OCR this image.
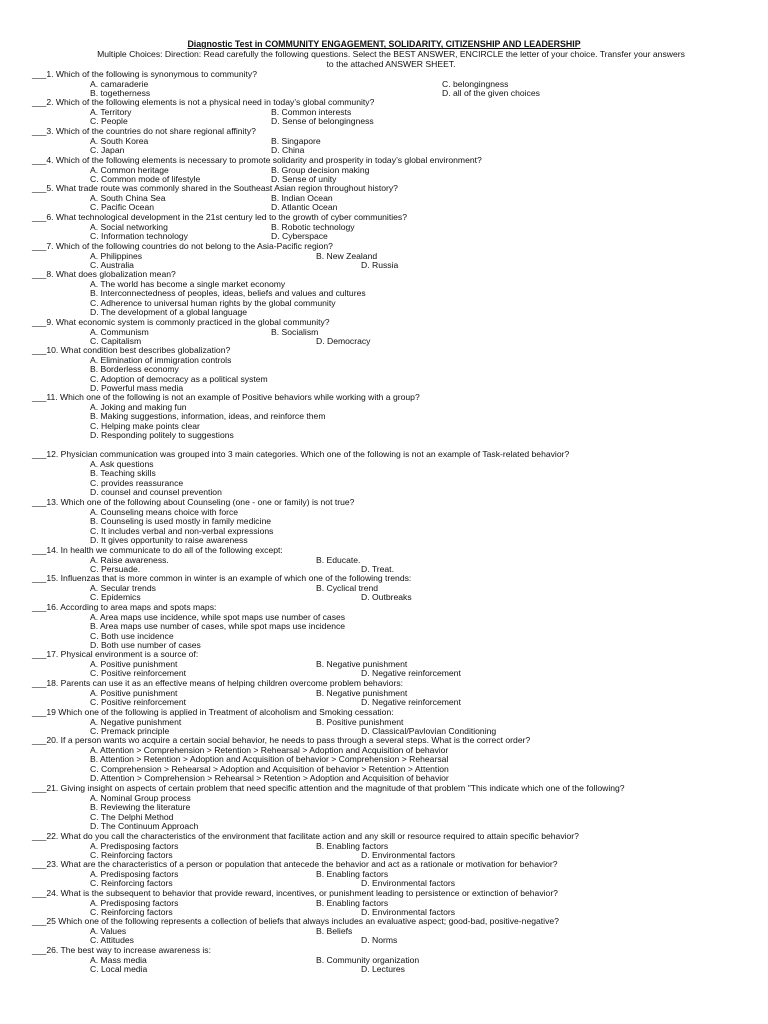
Diagnostic Test in COMMUNITY ENGAGEMENT, SOLIDARITY, CITIZENSHIP AND LEADERSHIP
Multiple Choices: Direction: Read carefully the following questions. Select the BEST ANSWER, ENCIRCLE the letter of your choice. Transfer your answers
to the attached ANSWER SHEET.
___1. Which of the following is synonymous to community?
A. camaraderie	C. belongingness
B. togetherness	D. all of the given choices
___2. Which of the following elements is not a physical need in today’s global community?
A. Territory	B. Common interests
C. People	D. Sense of belongingness
___3. Which of the countries do not share regional affinity?
A. South Korea	B. Singapore
C. Japan	D. China
___4. Which of the following elements is necessary to promote solidarity and prosperity in today’s global environment?
A. Common heritage	B. Group decision making
C. Common mode of lifestyle	D. Sense of unity
___5. What trade route was commonly shared in the Southeast Asian region throughout history?
A. South China Sea	B. Indian Ocean
C. Pacific Ocean	D. Atlantic Ocean
___6. What technological development in the 21st century led to the growth of cyber communities?
A. Social networking	B. Robotic technology
C. Information technology	D. Cyberspace
___7. Which of the following countries do not belong to the Asia-Pacific region?
A. Philippines	B. New Zealand
C. Australia	D. Russia
___8. What does globalization mean?
A. The world has become a single market economy
B. Interconnectedness of peoples, ideas, beliefs and values and cultures
C. Adherence to universal human rights by the global community
D. The development of a global language
___9. What economic system is commonly practiced in the global community?
A. Communism	B. Socialism
C. Capitalism	D. Democracy
___10. What condition best describes globalization?
A. Elimination of immigration controls
B. Borderless economy
C. Adoption of democracy as a political system
D. Powerful mass media
___11. Which one of the following is not an example of Positive behaviors while working with a group?
A. Joking and making fun
B. Making suggestions, information, ideas, and reinforce them
C. Helping make points clear
D. Responding politely to suggestions
___12. Physician communication was grouped into 3 main categories. Which one of the following is not an example of Task-related behavior?
A. Ask questions
B. Teaching skills
C. provides reassurance
D. counsel and counsel prevention
___13. Which one of the following about Counseling (one - one or family) is not true?
A. Counseling means choice with force
B. Counseling is used mostly in family medicine
C. It includes verbal and non-verbal expressions
D. It gives opportunity to raise awareness
___14. In health we communicate to do all of the following except:
A. Raise awareness.	B. Educate.
C. Persuade.	D. Treat.
___15. Influenzas that is more common in winter is an example of which one of the following trends:
A. Secular trends	B. Cyclical trend
C. Epidemics	D. Outbreaks
___16. According to area maps and spots maps:
A. Area maps use incidence, while spot maps use number of cases
B. Area maps use number of cases, while spot maps use incidence
C. Both use incidence
D. Both use number of cases
___17. Physical environment is a source of:
A. Positive punishment	B. Negative punishment
C. Positive reinforcement	D. Negative reinforcement
___18. Parents can use it as an effective means of helping children overcome problem behaviors:
A. Positive punishment	B. Negative punishment
C. Positive reinforcement	D. Negative reinforcement
___19 Which one of the following is applied in Treatment of alcoholism and Smoking cessation:
A. Negative punishment	B. Positive punishment
C. Premack principle	D. Classical/Pavlovian Conditioning
___20. If a person wants wo acquire a certain social behavior, he needs to pass through a several steps. What is the correct order?
A. Attention > Comprehension > Retention > Rehearsal > Adoption and Acquisition of behavior
B. Attention > Retention > Adoption and Acquisition of behavior > Comprehension > Rehearsal
C. Comprehension > Rehearsal > Adoption and Acquisition of behavior > Retention > Attention
D. Attention > Comprehension > Rehearsal > Retention > Adoption and Acquisition of behavior
___21. Giving insight on aspects of certain problem that need specific attention and the magnitude of that problem "This indicate which one of the following?
A. Nominal Group process
B. Reviewing the literature
C. The Delphi Method
D. The Continuum Approach
___22. What do you call the characteristics of the environment that facilitate action and any skill or resource required to attain specific behavior?
A. Predisposing factors	B. Enabling factors
C. Reinforcing factors	D. Environmental factors
___23. What are the characteristics of a person or population that antecede the behavior and act as a rationale or motivation for behavior?
A. Predisposing factors	B. Enabling factors
C. Reinforcing factors	D. Environmental factors
___24. What is the subsequent to behavior that provide reward, incentives, or punishment leading to persistence or extinction of behavior?
A. Predisposing factors	B. Enabling factors
C. Reinforcing factors	D. Environmental factors
___25 Which one of the following represents a collection of beliefs that always includes an evaluative aspect; good-bad, positive-negative?
A. Values	B. Beliefs
C. Attitudes	D. Norms
___26. The best way to increase awareness is:
A. Mass media	B. Community organization
C. Local media	D. Lectures
